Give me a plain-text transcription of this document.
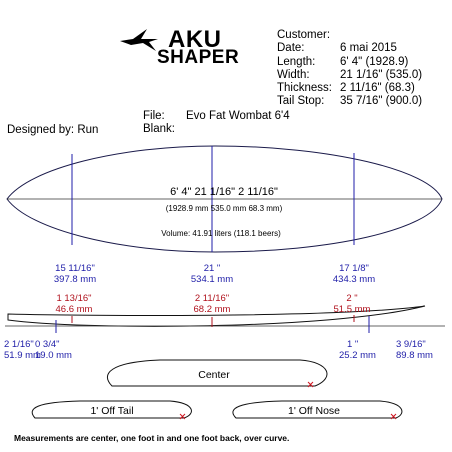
AKU
SHAPER
Customer:
Date:	6 mai 2015
Length: 6' 4" (1928.9)
Width:	21 1/16" (535.0)
Thickness: 2 11/16" (68.3)
Tail Stop: 35 7/16" (900.0)
File: Evo Fat Wombat 6'4
Blank:
Designed by: Run
6' 4" 21 1/16" 2 11/16"
(1928.9 mm 535.0 mm 68.3 mm)
Volume: 41.91 liters (118.1 beers)
15 11/16"
397.8 mm
21 "
534.1 mm
17 1/8"
434.3 mm
1 13/16"
46.6 mm
2 11/16"
68.2 mm
2 "
51.5 mm
2 1/16"
51.9 mm
0 3/4"
19.0 mm
1 "
25.2 mm
3 9/16"
89.8 mm
Center
1' Off Tail	1' Off Nose
Measurements are center, one foot in and one foot back, over curve.
